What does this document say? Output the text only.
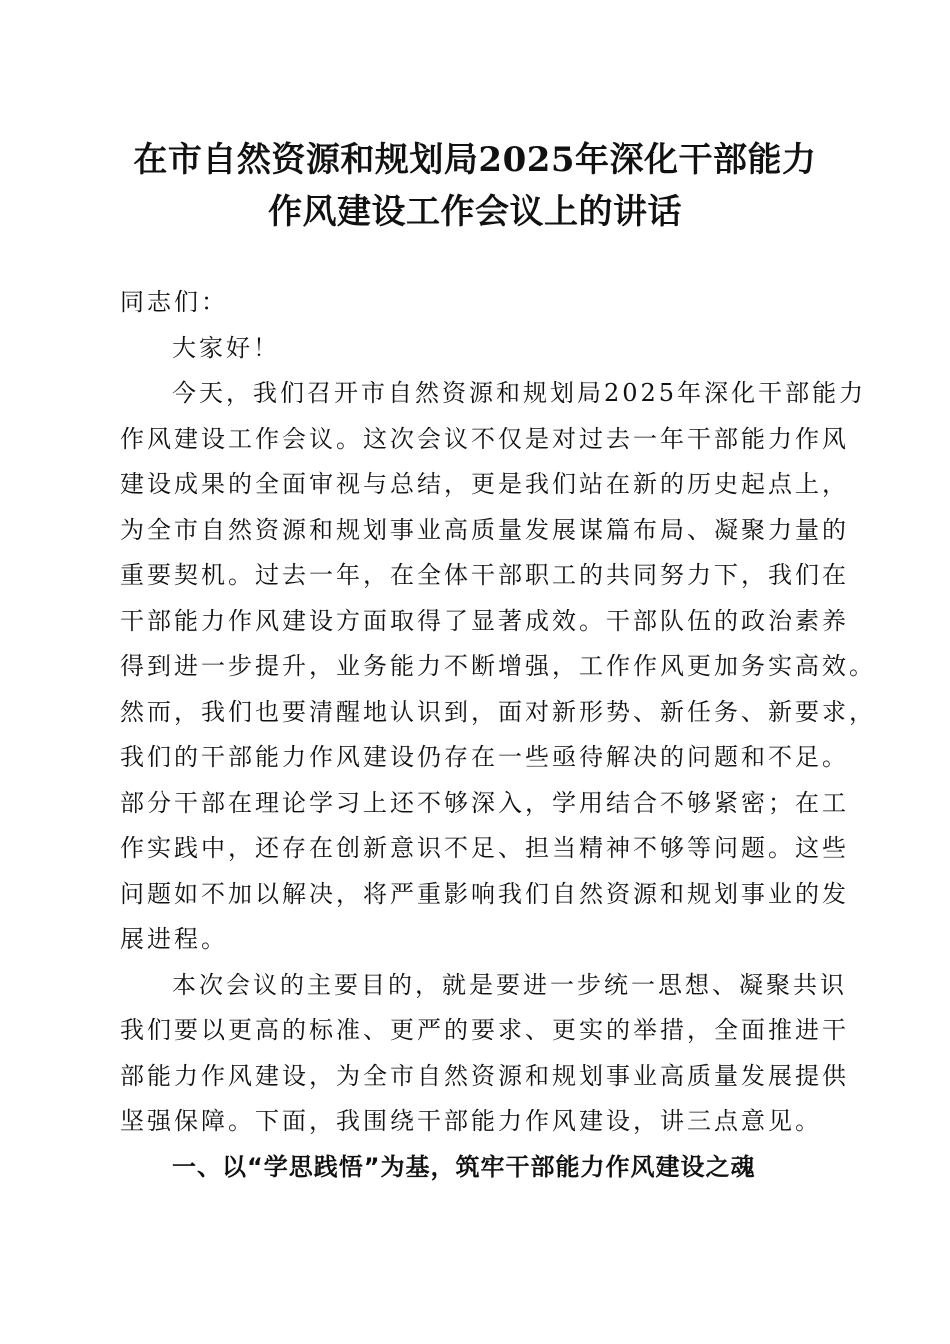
在市自然资源和规划局2025年深化干部能力
作风建设工作会议上的讲话
同志们：
大家好！
今天，我们召开市自然资源和规划局2025年深化干部能力
作风建设工作会议。这次会议不仅是对过去一年干部能力作风
建设成果的全面审视与总结，更是我们站在新的历史起点上，
为全市自然资源和规划事业高质量发展谋篇布局、凝聚力量的
重要契机。过去一年，在全体干部职工的共同努力下，我们在
干部能力作风建设方面取得了显著成效。干部队伍的政治素养
得到进一步提升，业务能力不断增强，工作作风更加务实高效。
然而，我们也要清醒地认识到，面对新形势、新任务、新要求，
我们的干部能力作风建设仍存在一些亟待解决的问题和不足。
部分干部在理论学习上还不够深入，学用结合不够紧密；在工
作实践中，还存在创新意识不足、担当精神不够等问题。这些
问题如不加以解决，将严重影响我们自然资源和规划事业的发
展进程。
本次会议的主要目的，就是要进一步统一思想、凝聚共识
我们要以更高的标准、更严的要求、更实的举措，全面推进干
部能力作风建设，为全市自然资源和规划事业高质量发展提供
坚强保障。下面，我围绕干部能力作风建设，讲三点意见。
一、以“学思践悟”为基，筑牢干部能力作风建设之魂
